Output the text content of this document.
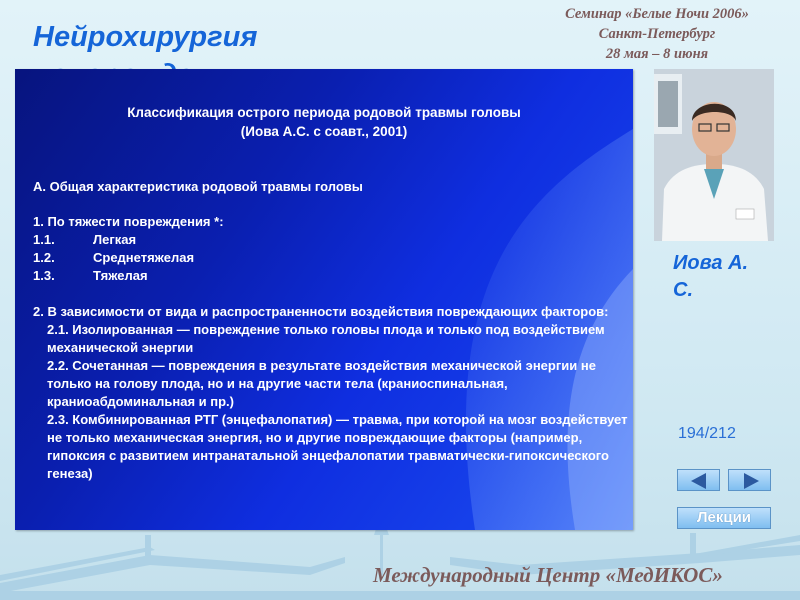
Нейрохирургия
Семинар «Белые Ночи 2006»
Санкт-Петербург
28 мая – 8 июня
Классификация острого периода родовой травмы головы
(Иова А.С. с соавт., 2001)
А. Общая характеристика родовой травмы головы
1. По тяжести повреждения *:
1.1.	Легкая
1.2.	Среднетяжелая
1.3.	Тяжелая
2. В зависимости от вида и распространенности воздействия повреждающих факторов:
2.1. Изолированная — повреждение только головы плода и только под воздействием механической энергии
2.2. Сочетанная — повреждения в результате воздействия механической энергии не только на голову плода, но и на другие части тела (краниоспинальная, краниоабдоминальная и пр.)
2.3. Комбинированная РТГ (энцефалопатия) — травма, при которой на мозг воздействует не только механическая энергия, но и другие повреждающие факторы (например, гипоксия с развитием интранатальной энцефалопатии травматически-гипоксического генеза)
Иова А.
С.
194/212
Лекции
Международный Центр «МедИКОС»
